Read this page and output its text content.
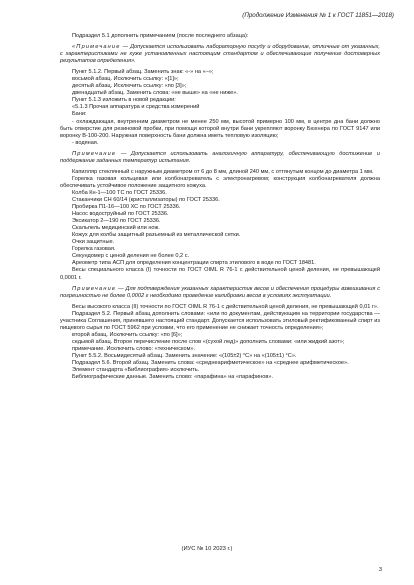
(Продолжение Изменения № 1 к ГОСТ 11851—2018)

Подраздел 5.1 дополнить примечанием (после последнего абзаца):

«Примечание — Допускается использовать лабораторную посуду и оборудование, отличные от указанных, с характеристиками не хуже установленных настоящим стандартом и обеспечивающие получение достоверных результатов определения».

Пункт 5.1.2. Первый абзац. Заменить знак: «-» на «–»;

восьмой абзац. Исключить ссылку: «[1]»;

десятый абзац. Исключить ссылку: «по [3]»;

двенадцатый абзац. Заменить слова: «не выше» на «не ниже».

Пункт 5.1.3 изложить в новой редакции:

«5.1.3 Прочая аппаратура и средства измерений

Бани:

- охлаждающая, внутренним диаметром не менее 250 мм, высотой примерно 100 мм, в центре дна бани должно быть отверстие для резиновой пробки, при помощи которой внутри бани укрепляют воронку Бюхнера по ГОСТ 9147 или воронку В-100-200. Наружная поверхность бани должна иметь тепловую изоляцию;

- водяная.

Примечание — Допускается использовать аналогичную аппаратуру, обеспечивающую достижение и поддержание заданных температур испытания.

Капилляр стеклянный с наружным диаметром от 6 до 8 мм, длиной 240 мм, с оттянутым концом до диаметра 1 мм.

Горелка газовая кольцевая или колбонагреватель с электронагревом; конструкция колбонагревателя должна обеспечивать устойчивое положение защитного кожуха.

Колба Кн-1—100 ТС по ГОСТ 25336.

Стаканчики СН 60/14 (кристаллизаторы) по ГОСТ 25336.

Пробирка П1-16—100 ХС по ГОСТ 25336.

Насос водоструйный по ГОСТ 25336.

Эксикатор 2—190 по ГОСТ 25336.

Скальпель медицинский или нож.

Кожух для колбы защитный разъемный из металлической сетки.

Очки защитные.

Горелка газовая.

Секундомер с ценой деления не более 0,2 с.

Ареометр типа АСП для определения концентрации спирта этилового в воде по ГОСТ 18481.

Весы специального класса (I) точности по ГОСТ OIML R 76-1 с действительной ценой деления, не превышающей 0,0001 г.

Примечание — Для подтверждения указанных характеристик весов и обеспечения процедуры взвешивания с погрешностью не более 0,0002 г необходимо проведение калибровки весов в условиях эксплуатации.

Весы высокого класса (II) точности по ГОСТ OIML R 76-1 с действительной ценой деления, не превышающей 0,01 г».

Подраздел 5.2. Первый абзац дополнить словами: «или по документам, действующим на территории государства — участника Соглашения, принявшего настоящий стандарт. Допускается использовать этиловый ректификованный спирт из пищевого сырья по ГОСТ 5962 при условии, что его применение не снижает точность определения»;

второй абзац. Исключить ссылку: «по [6]»;

седьмой абзац. Второе перечисление после слов «(сухой лед)» дополнить словами: «или жидкий азот»;

примечание. Исключить слово: «техническом».

Пункт 5.5.2. Восьмидесятый абзац. Заменить значение: «(105±2) °C» на «(105±1) °C».

Подраздел 5.6. Второй абзац. Заменить слова: «среднеарифметическое» на «среднее арифметическое».

Элемент стандарта «Библиография» исключить.

Библиографические данные. Заменить слово: «парафина» на «парафинов».

(ИУС № 10 2023 г.)
3
